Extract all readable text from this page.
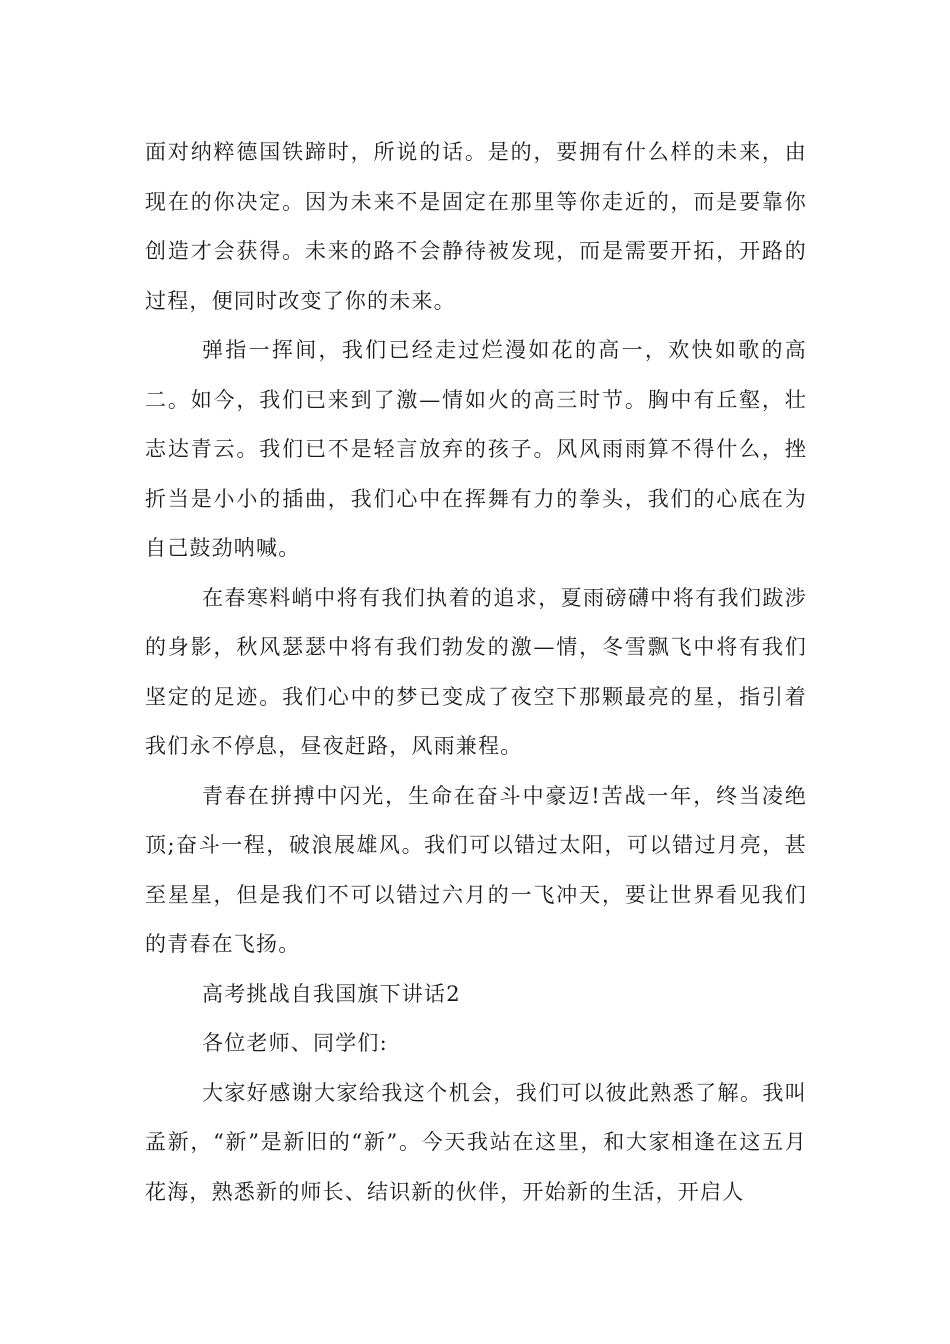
面对纳粹德国铁蹄时，所说的话。是的，要拥有什么样的未来，由现在的你决定。因为未来不是固定在那里等你走近的，而是要靠你创造才会获得。未来的路不会静待被发现，而是需要开拓，开路的过程，便同时改变了你的未来。

弹指一挥间，我们已经走过烂漫如花的高一，欢快如歌的高二。如今，我们已来到了激—情如火的高三时节。胸中有丘壑，壮志达青云。我们已不是轻言放弃的孩子。风风雨雨算不得什么，挫折当是小小的插曲，我们心中在挥舞有力的拳头，我们的心底在为自己鼓劲呐喊。

在春寒料峭中将有我们执着的追求，夏雨磅礴中将有我们跋涉的身影，秋风瑟瑟中将有我们勃发的激—情，冬雪飘飞中将有我们坚定的足迹。我们心中的梦已变成了夜空下那颗最亮的星，指引着我们永不停息，昼夜赶路，风雨兼程。

青春在拼搏中闪光，生命在奋斗中豪迈!苦战一年，终当凌绝顶;奋斗一程，破浪展雄风。我们可以错过太阳，可以错过月亮，甚至星星，但是我们不可以错过六月的一飞冲天，要让世界看见我们的青春在飞扬。

高考挑战自我国旗下讲话2

各位老师、同学们:

大家好感谢大家给我这个机会，我们可以彼此熟悉了解。我叫孟新，“新”是新旧的“新”。今天我站在这里，和大家相逢在这五月花海，熟悉新的师长、结识新的伙伴，开始新的生活，开启人
